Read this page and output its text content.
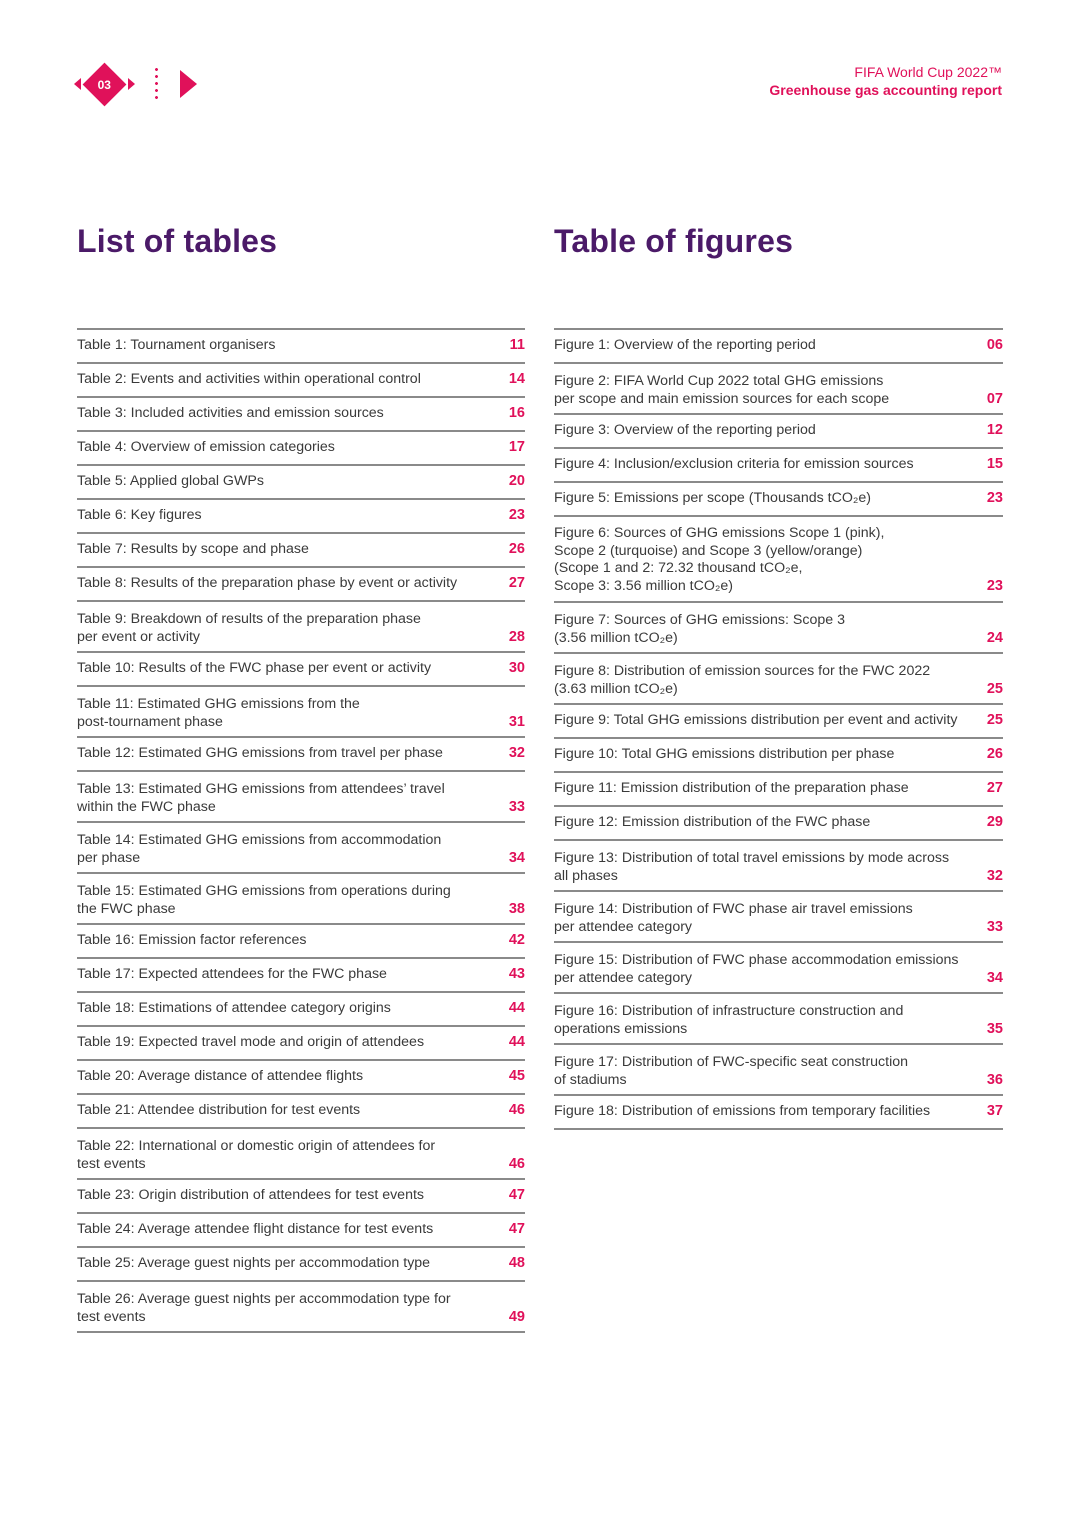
03
FIFA World Cup 2022™
Greenhouse gas accounting report
List of tables
Table 1: Tournament organisers	11
Table 2: Events and activities within operational control	14
Table 3: Included activities and emission sources	16
Table 4: Overview of emission categories	17
Table 5: Applied global GWPs	20
Table 6: Key figures	23
Table 7: Results by scope and phase	26
Table 8: Results of the preparation phase by event or activity	27
Table 9: Breakdown of results of the preparation phase
per event or activity	28
Table 10: Results of the FWC phase per event or activity	30
Table 11: Estimated GHG emissions from the
post-tournament phase	31
Table 12: Estimated GHG emissions from travel per phase	32
Table 13: Estimated GHG emissions from attendees’ travel
within the FWC phase	33
Table 14: Estimated GHG emissions from accommodation
per phase	34
Table 15: Estimated GHG emissions from operations during
the FWC phase	38
Table 16: Emission factor references	42
Table 17: Expected attendees for the FWC phase	43
Table 18: Estimations of attendee category origins	44
Table 19: Expected travel mode and origin of attendees	44
Table 20: Average distance of attendee flights	45
Table 21: Attendee distribution for test events	46
Table 22: International or domestic origin of attendees for
test events	46
Table 23: Origin distribution of attendees for test events	47
Table 24: Average attendee flight distance for test events	47
Table 25: Average guest nights per accommodation type	48
Table 26: Average guest nights per accommodation type for
test events	49
Table of figures
Figure 1: Overview of the reporting period	06
Figure 2: FIFA World Cup 2022 total GHG emissions
per scope and main emission sources for each scope	07
Figure 3: Overview of the reporting period	12
Figure 4: Inclusion/exclusion criteria for emission sources	15
Figure 5: Emissions per scope (Thousands tCO₂e)	23
Figure 6: Sources of GHG emissions Scope 1 (pink),
Scope 2 (turquoise) and Scope 3 (yellow/orange)
(Scope 1 and 2: 72.32 thousand tCO₂e,
Scope 3: 3.56 million tCO₂e)	23
Figure 7: Sources of GHG emissions: Scope 3
(3.56 million tCO₂e)	24
Figure 8: Distribution of emission sources for the FWC 2022
(3.63 million tCO₂e)	25
Figure 9: Total GHG emissions distribution per event and activity	25
Figure 10: Total GHG emissions distribution per phase	26
Figure 11: Emission distribution of the preparation phase	27
Figure 12: Emission distribution of the FWC phase	29
Figure 13: Distribution of total travel emissions by mode across
all phases	32
Figure 14: Distribution of FWC phase air travel emissions
per attendee category	33
Figure 15: Distribution of FWC phase accommodation emissions
per attendee category	34
Figure 16: Distribution of infrastructure construction and
operations emissions	35
Figure 17: Distribution of FWC-specific seat construction
of stadiums	36
Figure 18: Distribution of emissions from temporary facilities	37
